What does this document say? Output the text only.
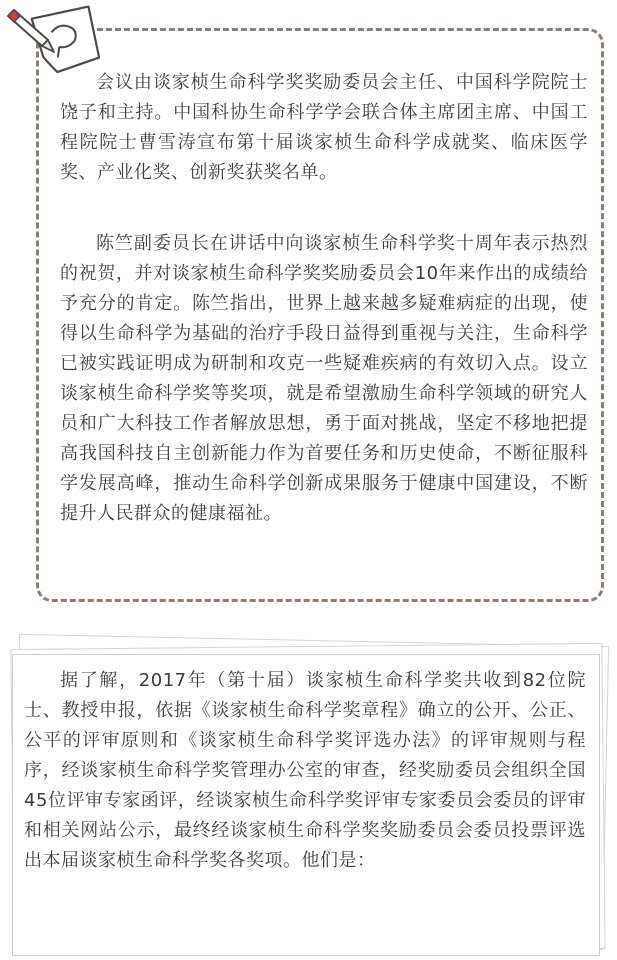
会议由谈家桢生命科学奖奖励委员会主任、中国科学院院士饶子和主持。中国科协生命科学学会联合体主席团主席、中国工程院院士曹雪涛宣布第十届谈家桢生命科学成就奖、临床医学奖、产业化奖、创新奖获奖名单。

陈竺副委员长在讲话中向谈家桢生命科学奖十周年表示热烈的祝贺，并对谈家桢生命科学奖奖励委员会10年来作出的成绩给予充分的肯定。陈竺指出，世界上越来越多疑难病症的出现，使得以生命科学为基础的治疗手段日益得到重视与关注，生命科学已被实践证明成为研制和攻克一些疑难疾病的有效切入点。设立谈家桢生命科学奖等奖项，就是希望激励生命科学领域的研究人员和广大科技工作者解放思想，勇于面对挑战，坚定不移地把提高我国科技自主创新能力作为首要任务和历史使命，不断征服科学发展高峰，推动生命科学创新成果服务于健康中国建设，不断提升人民群众的健康福祉。

据了解，2017年（第十届）谈家桢生命科学奖共收到82位院士、教授申报，依据《谈家桢生命科学奖章程》确立的公开、公正、公平的评审原则和《谈家桢生命科学奖评选办法》的评审规则与程序，经谈家桢生命科学奖管理办公室的审查，经奖励委员会组织全国45位评审专家函评，经谈家桢生命科学奖评审专家委员会委员的评审和相关网站公示，最终经谈家桢生命科学奖奖励委员会委员投票评选出本届谈家桢生命科学奖各奖项。他们是：
